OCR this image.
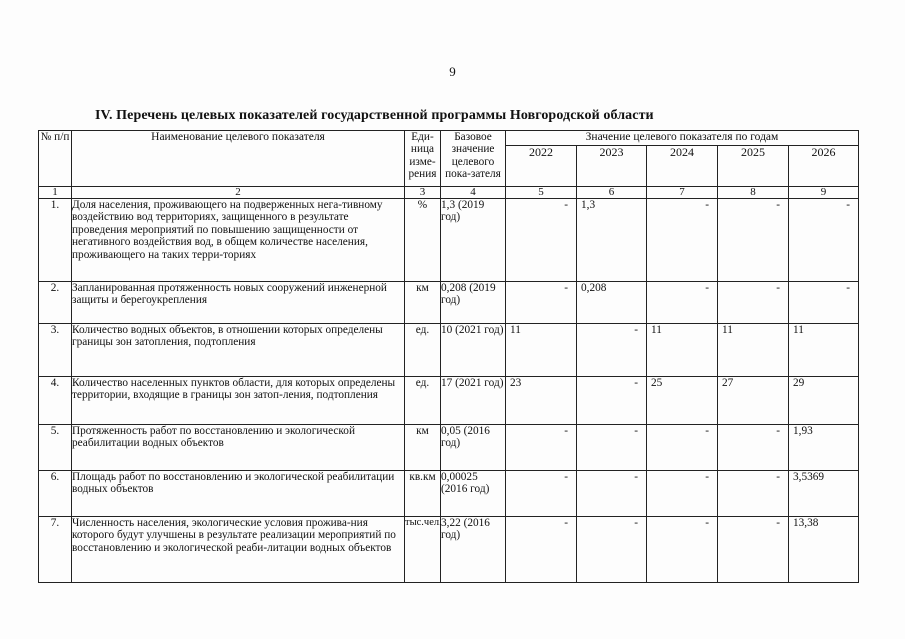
9
IV. Перечень целевых показателей государственной программы Новгородской области
№ п/п	Наименование целевого показателя	Еди-ница изме-рения	Базовое значение целевого пока-зателя	Значение целевого показателя по годам				
				2022	2023	2024	2025	2026
1	2	3	4	5	6	7	8	9
1.	Доля населения, проживающего на подверженных нега-тивному воздействию вод территориях, защищенного в результате проведения мероприятий по повышению защищенности от негативного воздействия вод, в общем количестве населения, проживающего на таких терри-ториях	%	1,3 (2019 год)	-	1,3	-	-	-
2.	Запланированная протяженность новых сооружений инженерной защиты и берегоукрепления	км	0,208 (2019 год)	-	0,208	-	-	-
3.	Количество водных объектов, в отношении которых определены границы зон затопления, подтопления	ед.	10 (2021 год)	11	-	11	11	11
4.	Количество населенных пунктов области, для которых определены территории, входящие в границы зон затоп-ления, подтопления	ед.	17 (2021 год)	23	-	25	27	29
5.	Протяженность работ по восстановлению и экологической реабилитации водных объектов	км	0,05 (2016 год)	-	-	-	-	1,93
6.	Площадь работ по восстановлению и экологической реабилитации водных объектов	кв.км	0,00025 (2016 год)	-	-	-	-	3,5369
7.	Численность населения, экологические условия прожива-ния которого будут улучшены в результате реализации мероприятий по восстановлению и экологической реаби-литации водных объектов	тыс.чел.	3,22 (2016 год)	-	-	-	-	13,38
